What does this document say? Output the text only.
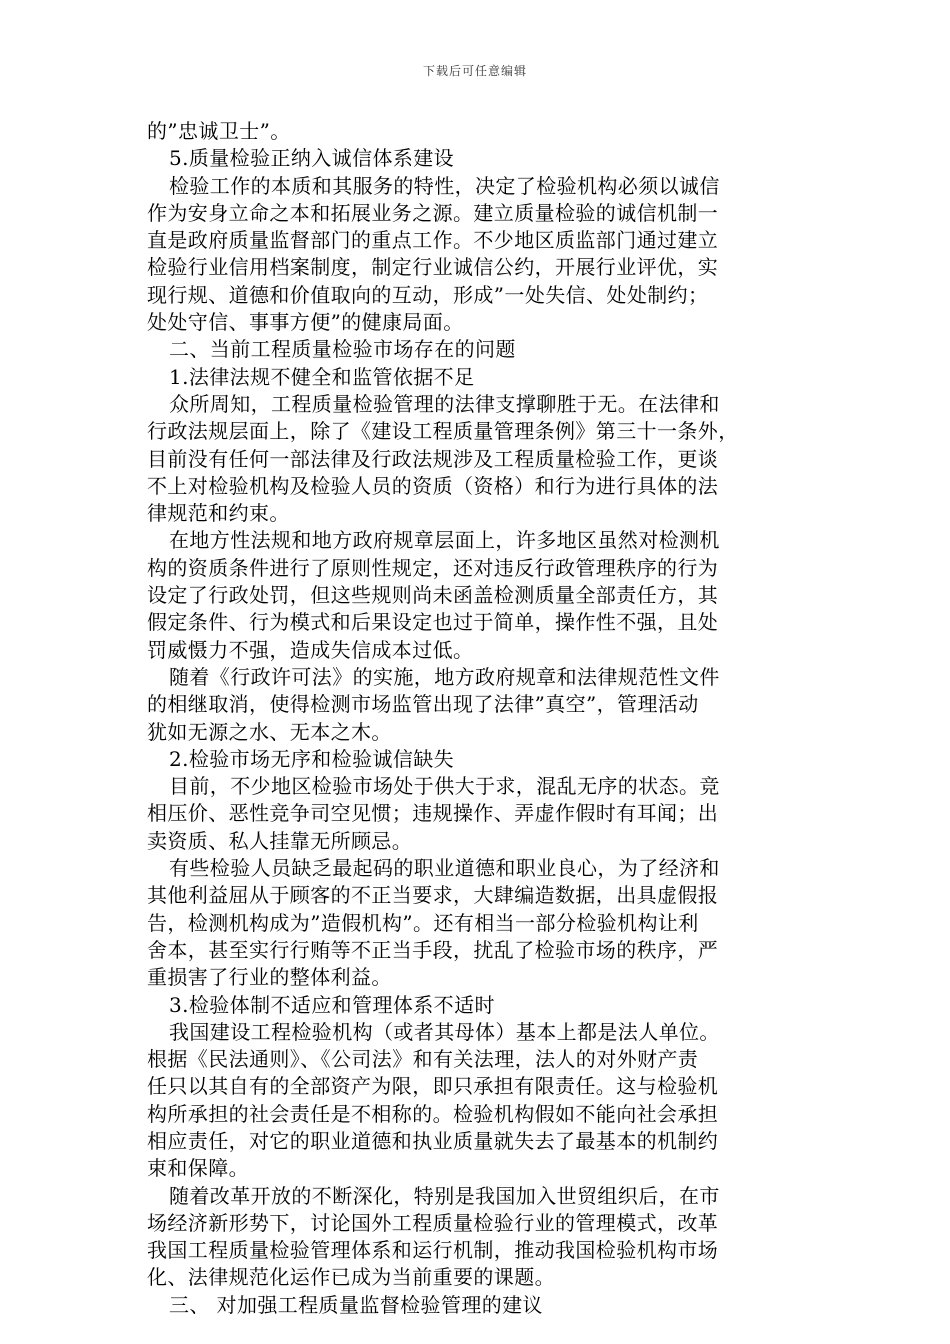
下载后可任意编辑
的”忠诚卫士”。
5.质量检验正纳入诚信体系建设
检验工作的本质和其服务的特性，决定了检验机构必须以诚信
作为安身立命之本和拓展业务之源。建立质量检验的诚信机制一
直是政府质量监督部门的重点工作。不少地区质监部门通过建立
检验行业信用档案制度，制定行业诚信公约，开展行业评优，实
现行规、道德和价值取向的互动，形成”一处失信、处处制约；
处处守信、事事方便”的健康局面。
二、当前工程质量检验市场存在的问题
1.法律法规不健全和监管依据不足
众所周知，工程质量检验管理的法律支撑聊胜于无。在法律和
行政法规层面上，除了《建设工程质量管理条例》第三十一条外，
目前没有任何一部法律及行政法规涉及工程质量检验工作，更谈
不上对检验机构及检验人员的资质（资格）和行为进行具体的法
律规范和约束。
在地方性法规和地方政府规章层面上，许多地区虽然对检测机
构的资质条件进行了原则性规定，还对违反行政管理秩序的行为
设定了行政处罚，但这些规则尚未函盖检测质量全部责任方，其
假定条件、行为模式和后果设定也过于简单，操作性不强，且处
罚威慑力不强，造成失信成本过低。
随着《行政许可法》的实施，地方政府规章和法律规范性文件
的相继取消，使得检测市场监管出现了法律”真空”，管理活动
犹如无源之水、无本之木。
2.检验市场无序和检验诚信缺失
目前，不少地区检验市场处于供大于求，混乱无序的状态。竞
相压价、恶性竞争司空见惯；违规操作、弄虚作假时有耳闻；出
卖资质、私人挂靠无所顾忌。
有些检验人员缺乏最起码的职业道德和职业良心，为了经济和
其他利益屈从于顾客的不正当要求，大肆编造数据，出具虚假报
告，检测机构成为”造假机构”。还有相当一部分检验机构让利
舍本，甚至实行行贿等不正当手段，扰乱了检验市场的秩序，严
重损害了行业的整体利益。
3.检验体制不适应和管理体系不适时
我国建设工程检验机构（或者其母体）基本上都是法人单位。
根据《民法通则》、《公司法》和有关法理，法人的对外财产责
任只以其自有的全部资产为限，即只承担有限责任。这与检验机
构所承担的社会责任是不相称的。检验机构假如不能向社会承担
相应责任，对它的职业道德和执业质量就失去了最基本的机制约
束和保障。
随着改革开放的不断深化，特别是我国加入世贸组织后，在市
场经济新形势下，讨论国外工程质量检验行业的管理模式，改革
我国工程质量检验管理体系和运行机制，推动我国检验机构市场
化、法律规范化运作已成为当前重要的课题。
三、 对加强工程质量监督检验管理的建议
